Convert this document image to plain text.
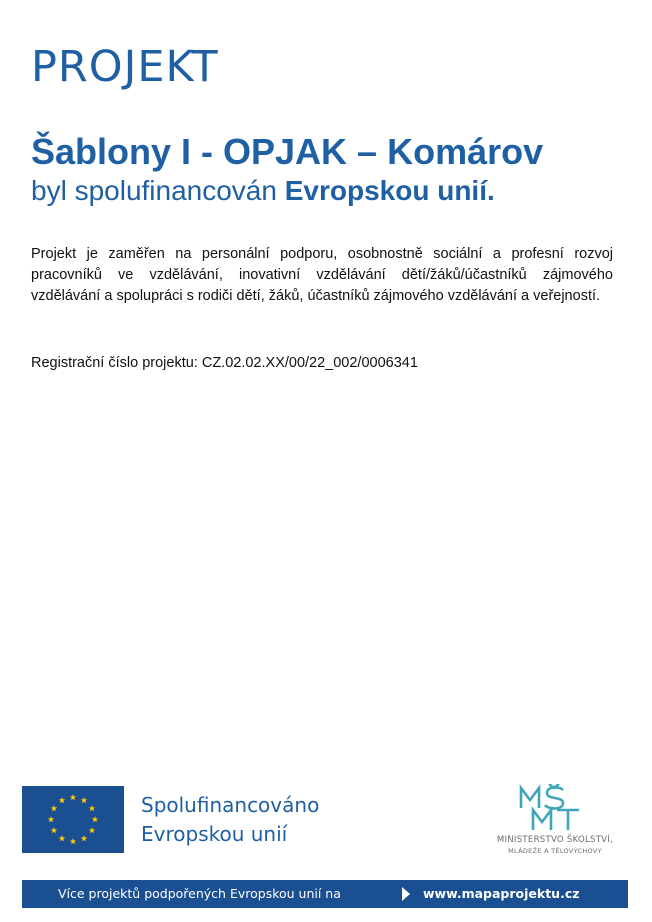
PROJEKT
Šablony I - OPJAK – Komárov
byl spolufinancován Evropskou unií.

Projekt je zaměřen na personální podporu, osobnostně sociální a profesní rozvoj pracovníků ve vzdělávání, inovativní vzdělávání dětí/žáků/účastníků zájmového vzdělávání a spolupráci s rodiči dětí, žáků, účastníků zájmového vzdělávání a veřejností.

Registrační číslo projektu: CZ.02.02.XX/00/22_002/0006341
Spolufinancováno
Evropskou unií	MINISTERSTVO ŠKOLSTVÍ,
MLÁDEŽE A TĚLOVÝCHOVY
Více projektů podpořených Evropskou unií na	www.mapaprojektu.cz
